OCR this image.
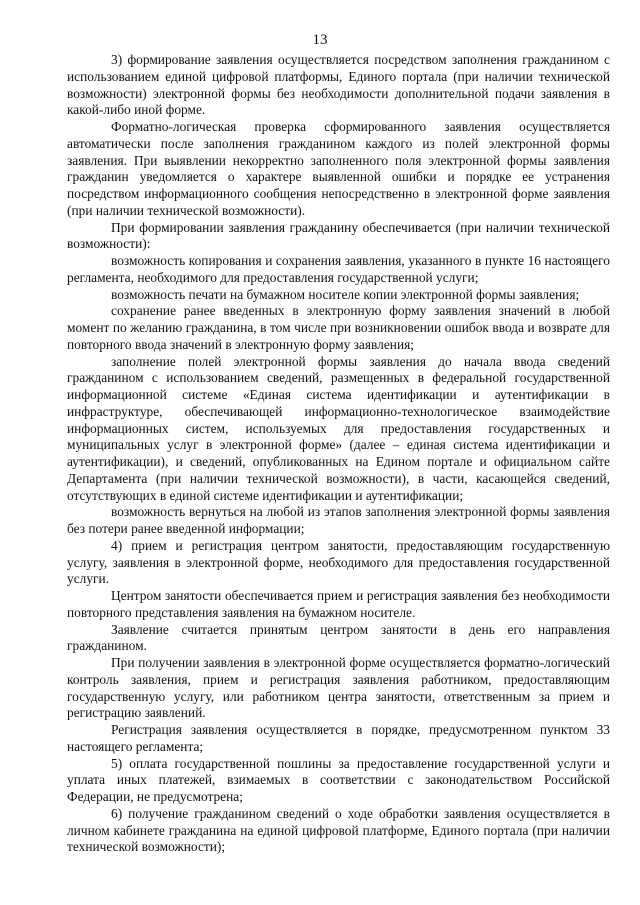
13

3) формирование заявления осуществляется посредством заполнения гражданином с использованием единой цифровой платформы, Единого портала (при наличии технической возможности) электронной формы без необходимости дополнительной подачи заявления в какой-либо иной форме.

Форматно-логическая проверка сформированного заявления осуществляется автоматически после заполнения гражданином каждого из полей электронной формы заявления. При выявлении некорректно заполненного поля электронной формы заявления гражданин уведомляется о характере выявленной ошибки и порядке ее устранения посредством информационного сообщения непосредственно в электронной форме заявления (при наличии технической возможности).

При формировании заявления гражданину обеспечивается (при наличии технической возможности):

возможность копирования и сохранения заявления, указанного в пункте 16 настоящего регламента, необходимого для предоставления государственной услуги;

возможность печати на бумажном носителе копии электронной формы заявления;

сохранение ранее введенных в электронную форму заявления значений в любой момент по желанию гражданина, в том числе при возникновении ошибок ввода и возврате для повторного ввода значений в электронную форму заявления;

заполнение полей электронной формы заявления до начала ввода сведений гражданином с использованием сведений, размещенных в федеральной государственной информационной системе «Единая система идентификации и аутентификации в инфраструктуре, обеспечивающей информационно-технологическое взаимодействие информационных систем, используемых для предоставления государственных и муниципальных услуг в электронной форме» (далее – единая система идентификации и аутентификации), и сведений, опубликованных на Едином портале и официальном сайте Департамента (при наличии технической возможности), в части, касающейся сведений, отсутствующих в единой системе идентификации и аутентификации;

возможность вернуться на любой из этапов заполнения электронной формы заявления без потери ранее введенной информации;

4) прием и регистрация центром занятости, предоставляющим государственную услугу, заявления в электронной форме, необходимого для предоставления государственной услуги.

Центром занятости обеспечивается прием и регистрация заявления без необходимости повторного представления заявления на бумажном носителе.

Заявление считается принятым центром занятости в день его направления гражданином.

При получении заявления в электронной форме осуществляется форматно-логический контроль заявления, прием и регистрация заявления работником, предоставляющим государственную услугу, или работником центра занятости, ответственным за прием и регистрацию заявлений.

Регистрация заявления осуществляется в порядке, предусмотренном пунктом 33 настоящего регламента;

5) оплата государственной пошлины за предоставление государственной услуги и уплата иных платежей, взимаемых в соответствии с законодательством Российской Федерации, не предусмотрена;

6) получение гражданином сведений о ходе обработки заявления осуществляется в личном кабинете гражданина на единой цифровой платформе, Единого портала (при наличии технической возможности);
